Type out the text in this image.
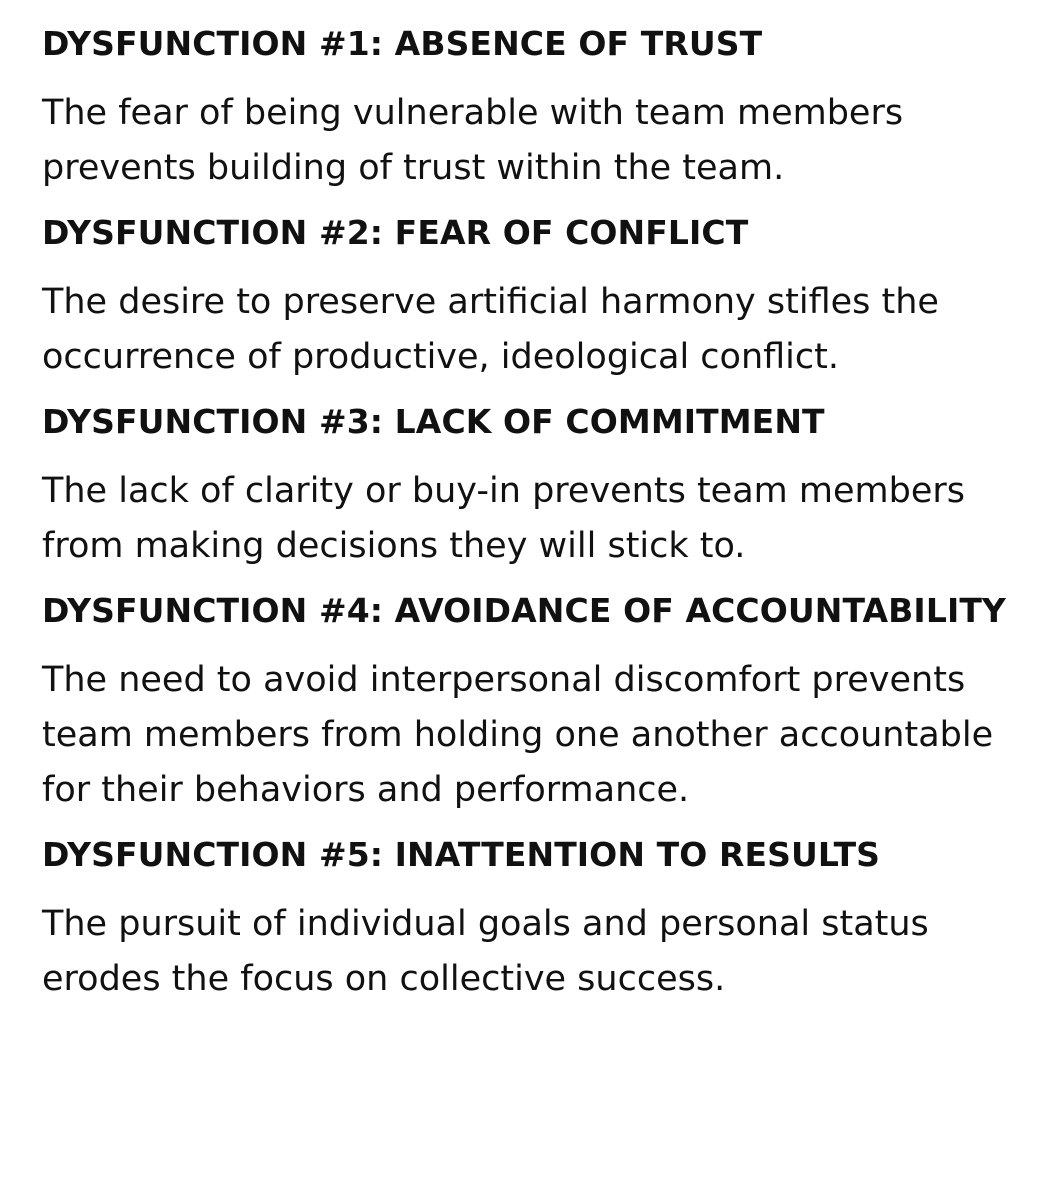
DYSFUNCTION #1: ABSENCE OF TRUST

The fear of being vulnerable with team members prevents building of trust within the team.

DYSFUNCTION #2: FEAR OF CONFLICT

The desire to preserve artificial harmony stifles the occurrence of productive, ideological conflict.

DYSFUNCTION #3: LACK OF COMMITMENT

The lack of clarity or buy-in prevents team members from making decisions they will stick to.

DYSFUNCTION #4: AVOIDANCE OF ACCOUNTABILITY

The need to avoid interpersonal discomfort prevents team members from holding one another accountable for their behaviors and performance.

DYSFUNCTION #5: INATTENTION TO RESULTS

The pursuit of individual goals and personal status erodes the focus on collective success.
